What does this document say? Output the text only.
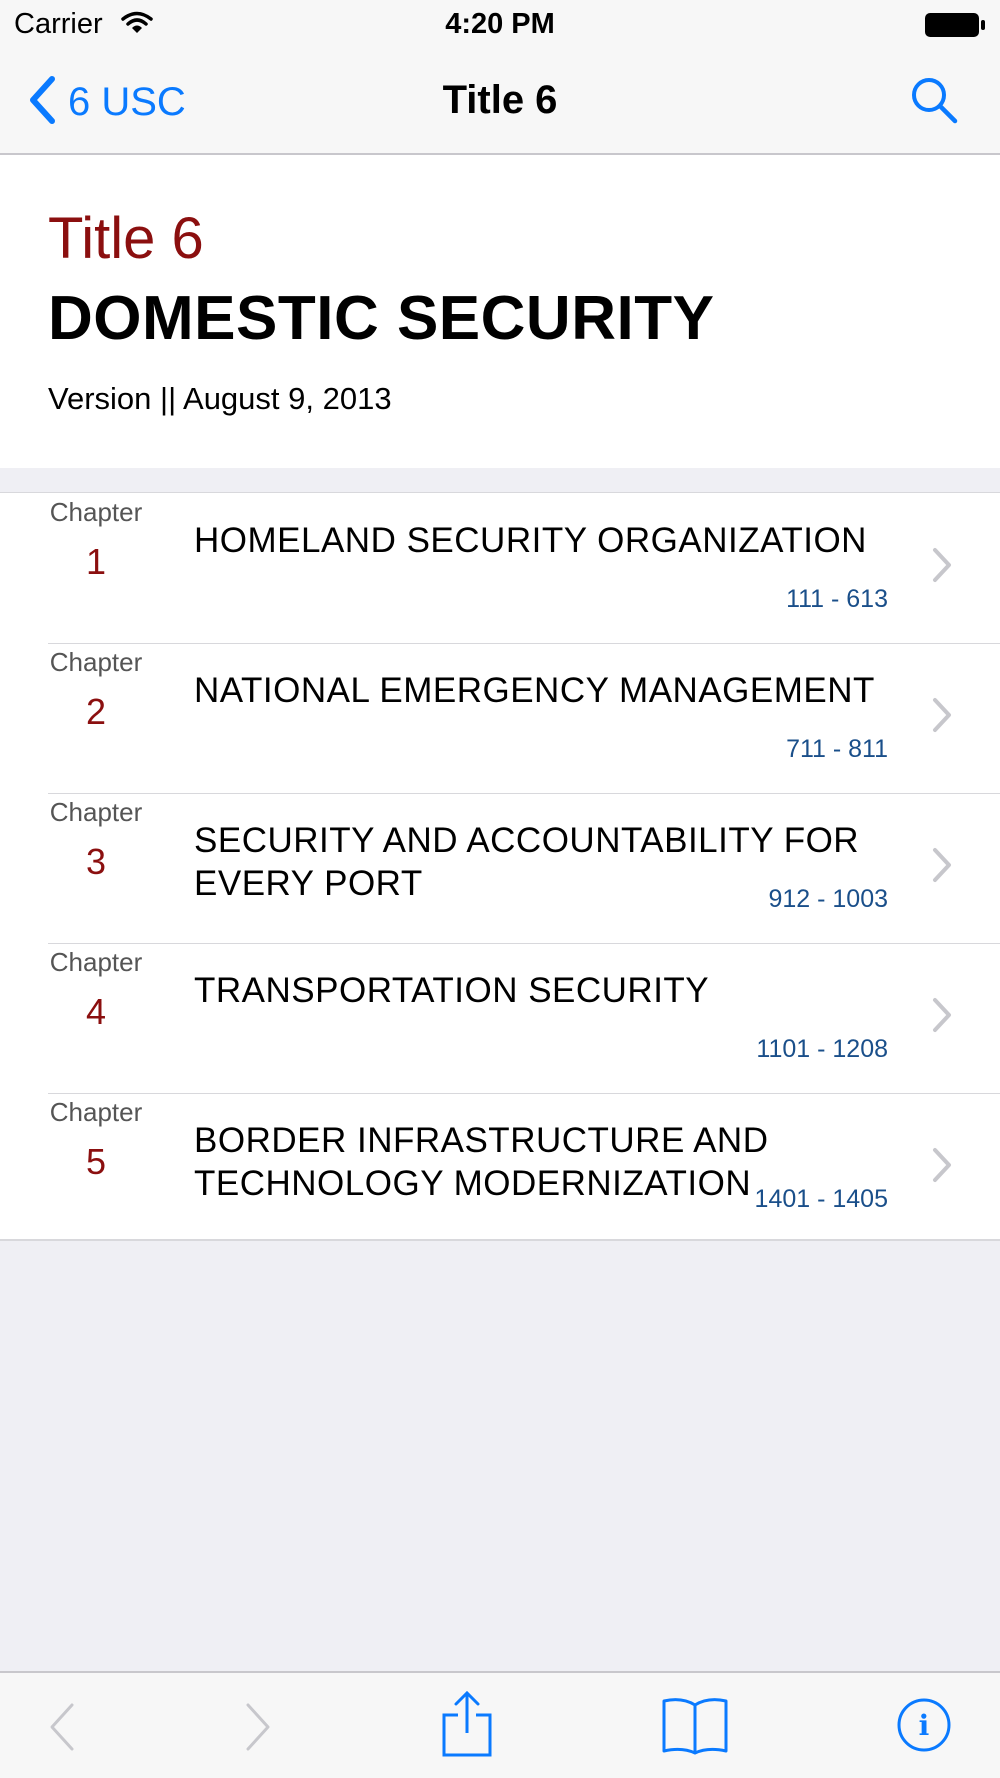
Carrier	4:20 PM
6 USC	Title 6
Title 6
DOMESTIC SECURITY
Version || August 9, 2013
Chapter
1
HOMELAND SECURITY ORGANIZATION
111 - 613
Chapter
2
NATIONAL EMERGENCY MANAGEMENT
711 - 811
Chapter
3
SECURITY AND ACCOUNTABILITY FOR EVERY PORT	912 - 1003
Chapter
4
TRANSPORTATION SECURITY
1101 - 1208
Chapter
5
BORDER INFRASTRUCTURE AND TECHNOLOGY MODERNIZATION 1401 - 1405
i
